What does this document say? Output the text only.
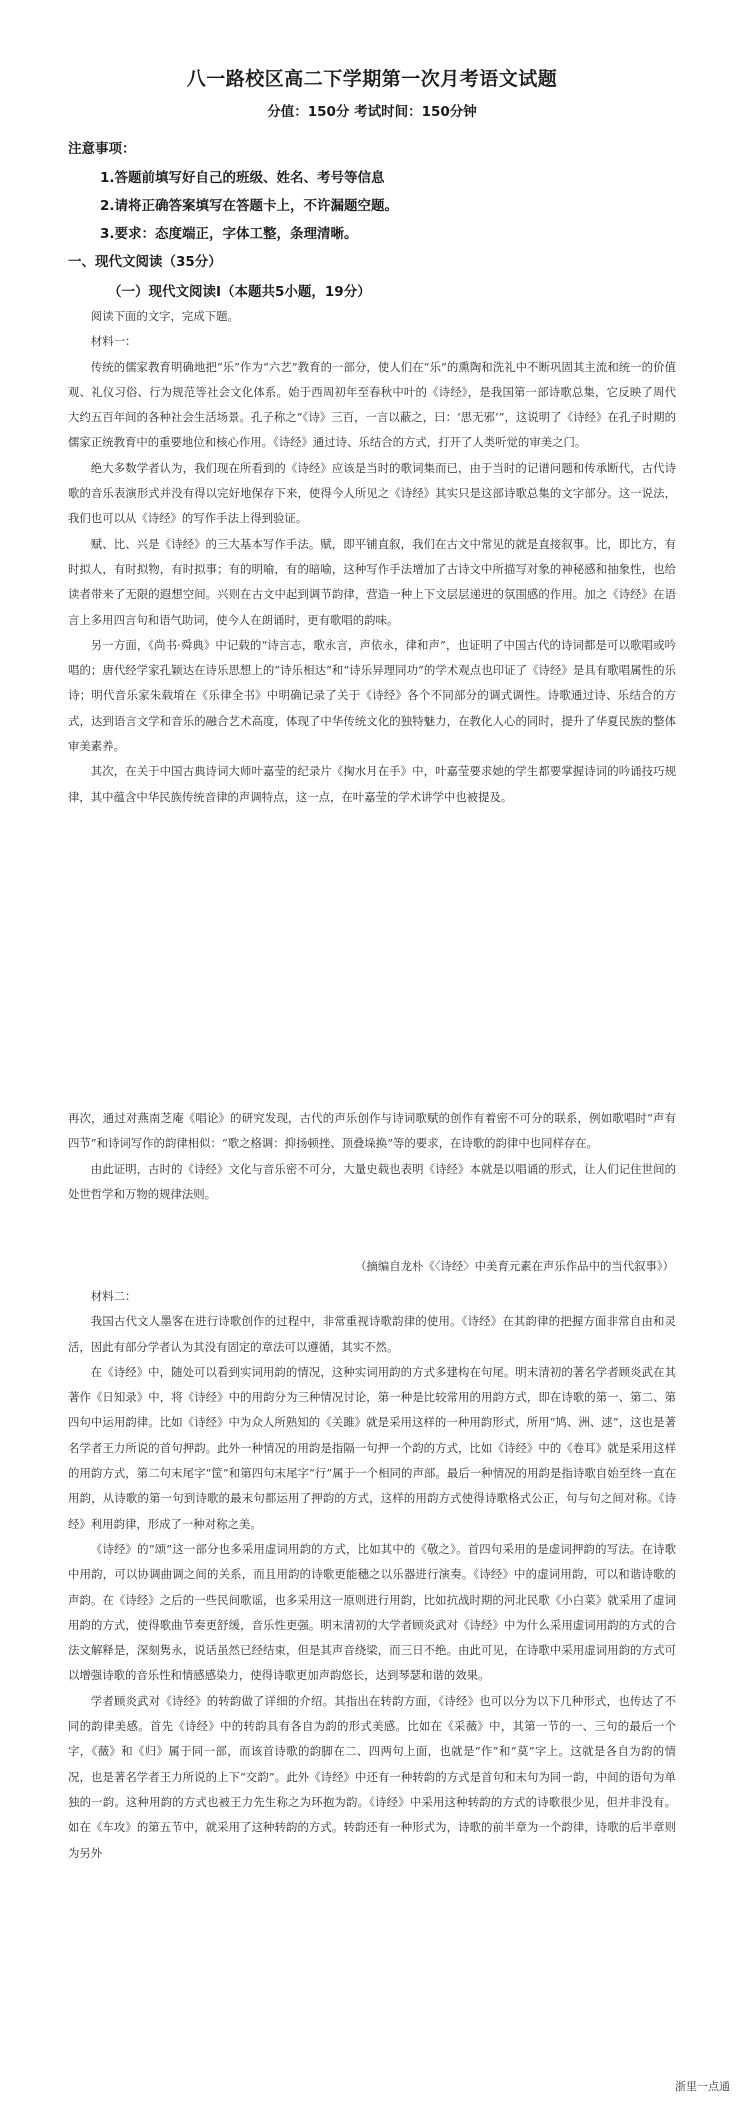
八一路校区高二下学期第一次月考语文试题
分值：150分 考试时间：150分钟
注意事项：
1.答题前填写好自己的班级、姓名、考号等信息
2.请将正确答案填写在答题卡上，不许漏题空题。
3.要求：态度端正，字体工整，条理清晰。
一、现代文阅读（35分）
（一）现代文阅读Ⅰ（本题共5小题，19分）

阅读下面的文字，完成下题。

材料一：

传统的儒家教育明确地把“乐”作为“六艺”教育的一部分，使人们在“乐”的熏陶和洗礼中不断巩固其主流和统一的价值观、礼仪习俗、行为规范等社会文化体系。始于西周初年至春秋中叶的《诗经》，是我国第一部诗歌总集，它反映了周代大约五百年间的各种社会生活场景。孔子称之“《诗》三百，一言以蔽之，曰：‘思无邪’”，这说明了《诗经》在孔子时期的儒家正统教育中的重要地位和核心作用。《诗经》通过诗、乐结合的方式，打开了人类听觉的审美之门。

绝大多数学者认为，我们现在所看到的《诗经》应该是当时的歌词集而已，由于当时的记谱问题和传承断代，古代诗歌的音乐表演形式并没有得以完好地保存下来，使得今人所见之《诗经》其实只是这部诗歌总集的文字部分。这一说法，我们也可以从《诗经》的写作手法上得到验证。

赋、比、兴是《诗经》的三大基本写作手法。赋，即平铺直叙，我们在古文中常见的就是直接叙事。比，即比方，有时拟人，有时拟物，有时拟事；有的明喻，有的暗喻，这种写作手法增加了古诗文中所描写对象的神秘感和抽象性，也给读者带来了无限的遐想空间。兴则在古文中起到调节韵律，营造一种上下文层层递进的氛围感的作用。加之《诗经》在语言上多用四言句和语气助词，使今人在朗诵时，更有歌唱的韵味。

另一方面，《尚书·舜典》中记载的“诗言志，歌永言，声依永，律和声”，也证明了中国古代的诗词都是可以歌唱或吟唱的；唐代经学家孔颖达在诗乐思想上的“诗乐相达”和“诗乐异理同功”的学术观点也印证了《诗经》是具有歌唱属性的乐诗；明代音乐家朱载堉在《乐律全书》中明确记录了关于《诗经》各个不同部分的调式调性。诗歌通过诗、乐结合的方式，达到语言文学和音乐的融合艺术高度，体现了中华传统文化的独特魅力，在教化人心的同时，提升了华夏民族的整体审美素养。

其次，在关于中国古典诗词大师叶嘉莹的纪录片《掬水月在手》中，叶嘉莹要求她的学生都要掌握诗词的吟诵技巧规律，其中蕴含中华民族传统音律的声调特点，这一点，在叶嘉莹的学术讲学中也被提及。

再次，通过对燕南芝庵《唱论》的研究发现，古代的声乐创作与诗词歌赋的创作有着密不可分的联系，例如歌唱时“声有四节”和诗词写作的韵律相似：“歌之格调：抑扬顿挫、顶叠垛换”等的要求，在诗歌的韵律中也同样存在。

由此证明，古时的《诗经》文化与音乐密不可分，大量史载也表明《诗经》本就是以唱诵的形式，让人们记住世间的处世哲学和万物的规律法则。

（摘编自龙朴《〈诗经〉中美育元素在声乐作品中的当代叙事》）

材料二：

我国古代文人墨客在进行诗歌创作的过程中，非常重视诗歌韵律的使用。《诗经》在其韵律的把握方面非常自由和灵活，因此有部分学者认为其没有固定的章法可以遵循，其实不然。

在《诗经》中，随处可以看到实词用韵的情况，这种实词用韵的方式多建构在句尾。明末清初的著名学者顾炎武在其著作《日知录》中，将《诗经》中的用韵分为三种情况讨论，第一种是比较常用的用韵方式，即在诗歌的第一、第二、第四句中运用韵律。比如《诗经》中为众人所熟知的《关雎》就是采用这样的一种用韵形式，所用“鸠、洲、逑”，这也是著名学者王力所说的首句押韵。此外一种情况的用韵是指隔一句押一个韵的方式，比如《诗经》中的《卷耳》就是采用这样的用韵方式，第二句末尾字“筐”和第四句末尾字“行”属于一个相同的声部。最后一种情况的用韵是指诗歌自始至终一直在用韵，从诗歌的第一句到诗歌的最末句都运用了押韵的方式，这样的用韵方式使得诗歌格式公正，句与句之间对称。《诗经》利用韵律，形成了一种对称之美。

《诗经》的“颂”这一部分也多采用虚词用韵的方式，比如其中的《敬之》。首四句采用的是虚词押韵的写法。在诗歌中用韵，可以协调曲调之间的关系，而且用韵的诗歌更能穗之以乐器进行演奏。《诗经》中的虚词用韵，可以和谐诗歌的声韵。在《诗经》之后的一些民间歌谣，也多采用这一原则进行用韵，比如抗战时期的河北民歌《小白菜》就采用了虚词用韵的方式，使得歌曲节奏更舒缓，音乐性更强。明末清初的大学者顾炎武对《诗经》中为什么采用虚词用韵的方式的合法文解释是，深刻隽永，说话虽然已经结束，但是其声音绕梁，而三日不绝。由此可见，在诗歌中采用虚词用韵的方式可以增强诗歌的音乐性和情感感染力，使得诗歌更加声韵悠长，达到琴瑟和谐的效果。

学者顾炎武对《诗经》的转韵做了详细的介绍。其指出在转韵方面，《诗经》也可以分为以下几种形式，也传达了不同的韵律美感。首先《诗经》中的转韵具有各自为韵的形式美感。比如在《采薇》中，其第一节的一、三句的最后一个字，《薇》和《归》属于同一部，而该首诗歌的韵脚在二、四两句上面，也就是“作”和“莫”字上。这就是各自为韵的情况，也是著名学者王力所说的上下“交韵”。此外《诗经》中还有一种转韵的方式是首句和末句为同一韵，中间的语句为单独的一韵。这种用韵的方式也被王力先生称之为环抱为韵。《诗经》中采用这种转韵的方式的诗歌很少见，但并非没有。如在《车攻》的第五节中，就采用了这种转韵的方式。转韵还有一种形式为，诗歌的前半章为一个韵律，诗歌的后半章则为另外

浙里一点通
